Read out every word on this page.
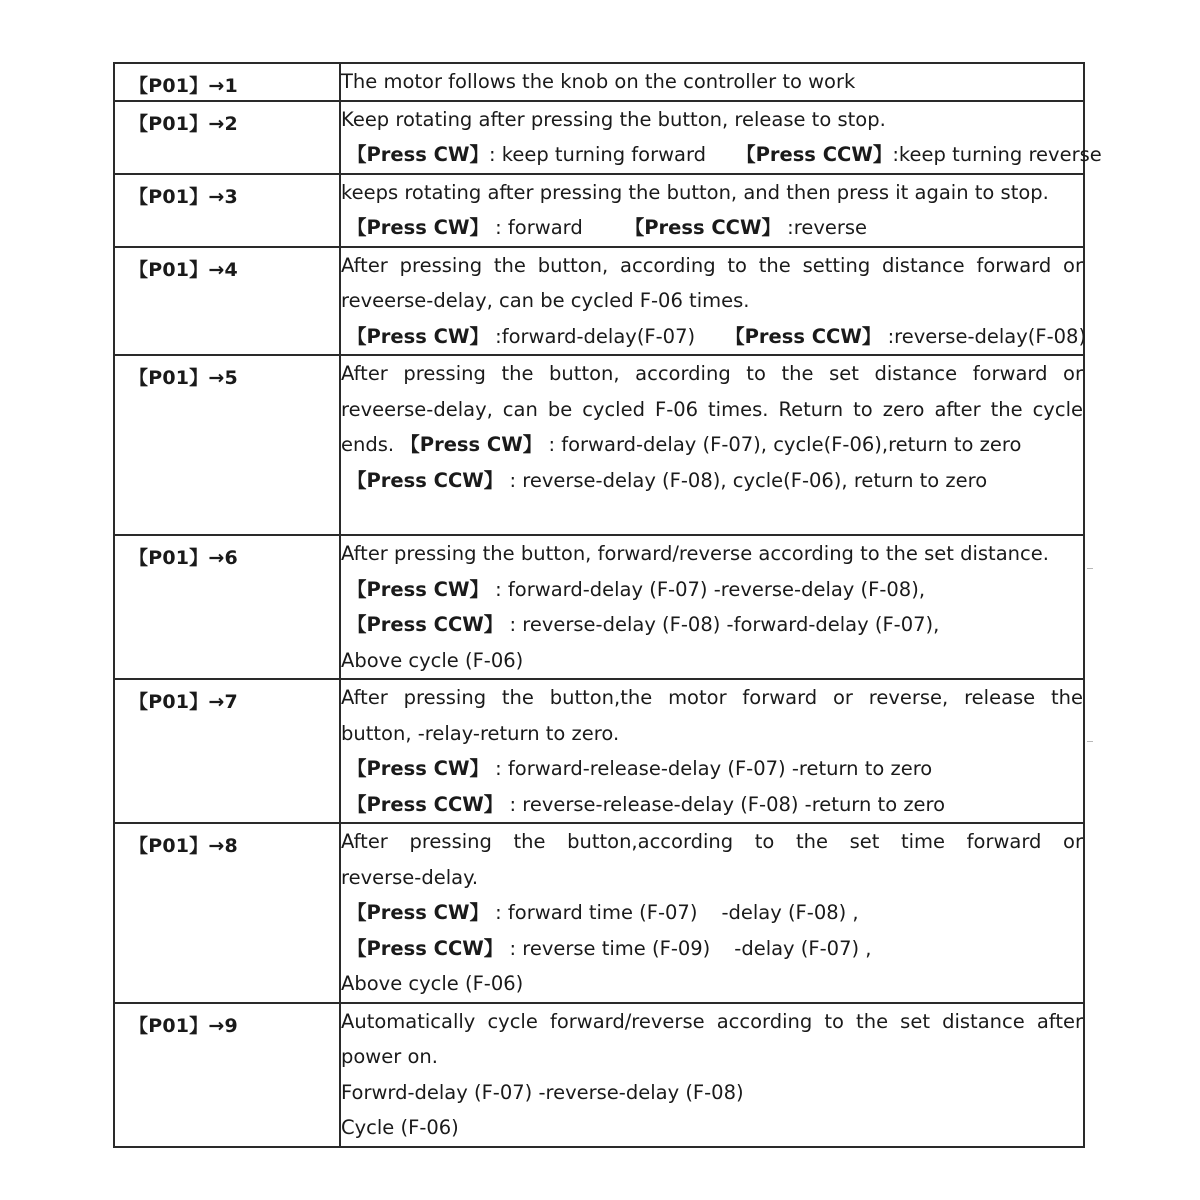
【P01】→1	The motor follows the knob on the controller to work

【P01】→2	Keep rotating after pressing the button, release to stop.
【Press CW】: keep turning forward 【Press CCW】:keep turning reverse

【P01】→3	keeps rotating after pressing the button, and then press it again to stop.
【Press CW】 : forward 【Press CCW】 :reverse

【P01】→4	After pressing the button, according to the setting distance forward or
reveerse-delay, can be cycled F-06 times.
【Press CW】 :forward-delay(F-07) 【Press CCW】 :reverse-delay(F-08)

【P01】→5	After pressing the button, according to the set distance forward or
reveerse-delay, can be cycled F-06 times. Return to zero after the cycle
ends. 【Press CW】 : forward-delay (F-07), cycle(F-06),return to zero
【Press CCW】 : reverse-delay (F-08), cycle(F-06), return to zero

【P01】→6	After pressing the button, forward/reverse according to the set distance.
【Press CW】 : forward-delay (F-07) -reverse-delay (F-08),
【Press CCW】 : reverse-delay (F-08) -forward-delay (F-07),
Above cycle (F-06)

【P01】→7	After pressing the button,the motor forward or reverse, release the
button, -relay-return to zero.
【Press CW】 : forward-release-delay (F-07) -return to zero
【Press CCW】 : reverse-release-delay (F-08) -return to zero

【P01】→8	After pressing the button,according to the set time forward or
reverse-delay.
【Press CW】 : forward time (F-07) -delay (F-08) ,
【Press CCW】 : reverse time (F-09) -delay (F-07) ,
Above cycle (F-06)

【P01】→9	Automatically cycle forward/reverse according to the set distance after
power on.
Forwrd-delay (F-07) -reverse-delay (F-08)
Cycle (F-06)
